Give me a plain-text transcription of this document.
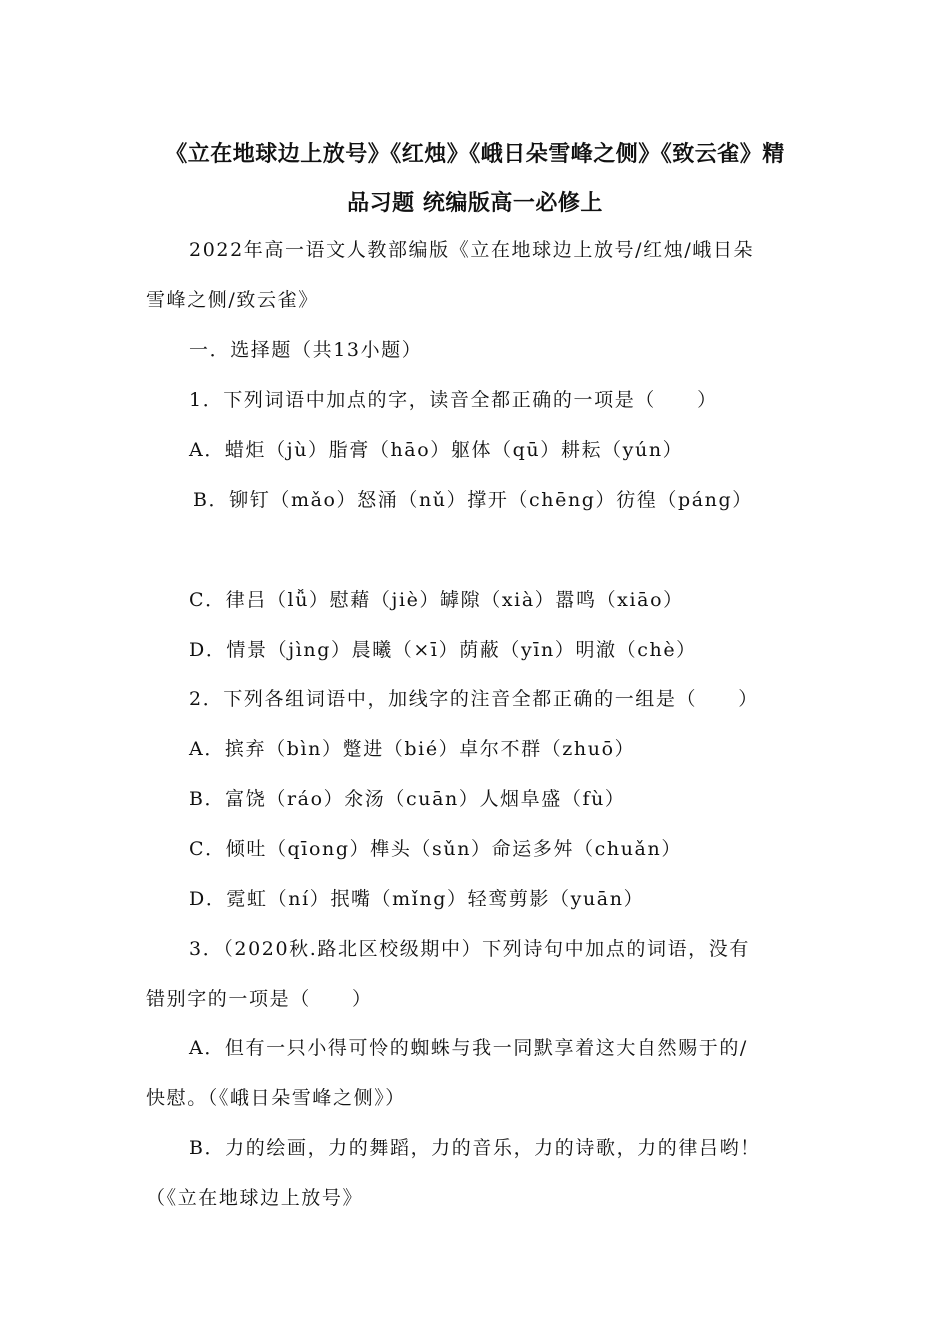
《立在地球边上放号》《红烛》《峨日朵雪峰之侧》《致云雀》精
品习题 统编版高一必修上
2022年高一语文人教部编版《立在地球边上放号/红烛/峨日朵
雪峰之侧/致云雀》
一．选择题（共13小题）
1．下列词语中加点的字，读音全都正确的一项是（　　）
A．蜡炬（jù）脂膏（hāo）躯体（qū）耕耘（yún）
B．铆钉（mǎo）怒涌（nǔ）撑开（chēng）彷徨（páng）
C．律吕（lǚ）慰藉（jiè）罅隙（xià）嚣鸣（xiāo）
D．情景（jìng）晨曦（×ī）荫蔽（yīn）明澈（chè）
2．下列各组词语中，加线字的注音全都正确的一组是（　　）
A．摈弃（bìn）蹩进（bié）卓尔不群（zhuō）
B．富饶（ráo）氽汤（cuān）人烟阜盛（fù）
C．倾吐（qīong）榫头（sǔn）命运多舛（chuǎn）
D．霓虹（ní）抿嘴（mǐng）轻鸾剪影（yuān）
3．（2020秋.路北区校级期中）下列诗句中加点的词语，没有
错别字的一项是（　　）
A．但有一只小得可怜的蜘蛛与我一同默享着这大自然赐于的/
快慰。（《峨日朵雪峰之侧》）
B．力的绘画，力的舞蹈，力的音乐，力的诗歌，力的律吕哟！
（《立在地球边上放号》
